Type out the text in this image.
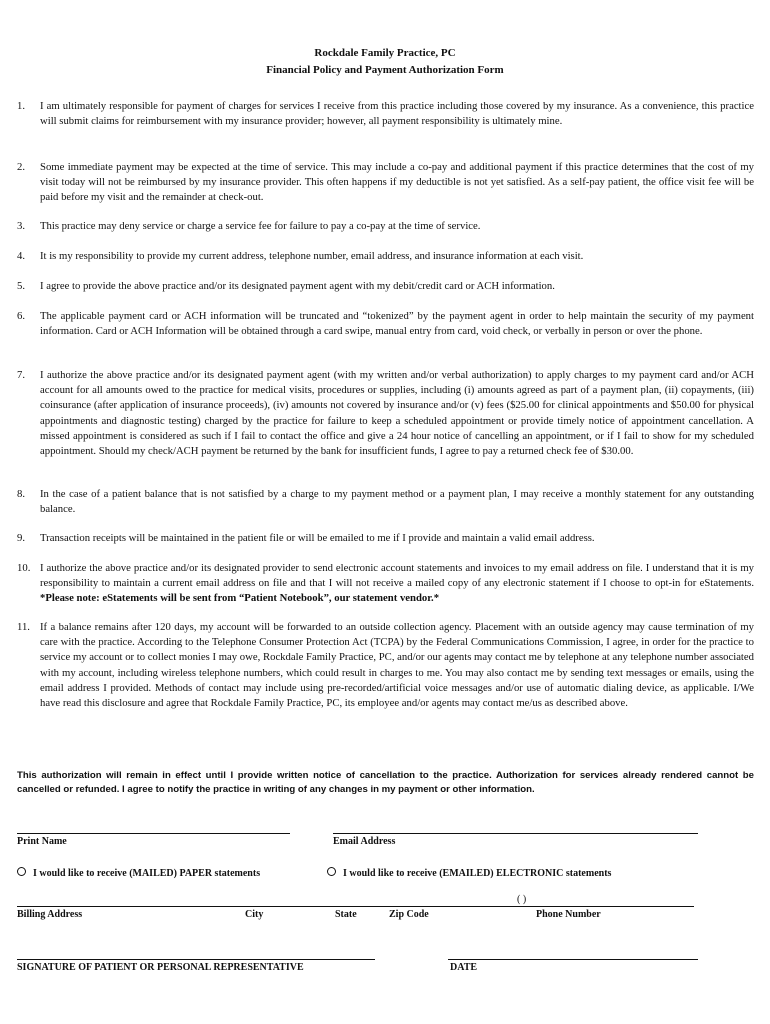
Rockdale Family Practice, PC
Financial Policy and Payment Authorization Form
1.	I am ultimately responsible for payment of charges for services I receive from this practice including those covered by my insurance. As a convenience, this practice will submit claims for reimbursement with my insurance provider; however, all payment responsibility is ultimately mine.
2.	Some immediate payment may be expected at the time of service. This may include a co-pay and additional payment if this practice determines that the cost of my visit today will not be reimbursed by my insurance provider. This often happens if my deductible is not yet satisfied. As a self-pay patient, the office visit fee will be paid before my visit and the remainder at check-out.
3.	This practice may deny service or charge a service fee for failure to pay a co-pay at the time of service.
4.	It is my responsibility to provide my current address, telephone number, email address, and insurance information at each visit.
5.	I agree to provide the above practice and/or its designated payment agent with my debit/credit card or ACH information.
6.	The applicable payment card or ACH information will be truncated and “tokenized” by the payment agent in order to help maintain the security of my payment information. Card or ACH Information will be obtained through a card swipe, manual entry from card, void check, or verbally in person or over the phone.
7.	I authorize the above practice and/or its designated payment agent (with my written and/or verbal authorization) to apply charges to my payment card and/or ACH account for all amounts owed to the practice for medical visits, procedures or supplies, including (i) amounts agreed as part of a payment plan, (ii) copayments, (iii) coinsurance (after application of insurance proceeds), (iv) amounts not covered by insurance and/or (v) fees ($25.00 for clinical appointments and $50.00 for physical appointments and diagnostic testing) charged by the practice for failure to keep a scheduled appointment or provide timely notice of appointment cancellation. A missed appointment is considered as such if I fail to contact the office and give a 24 hour notice of cancelling an appointment, or if I fail to show for my scheduled appointment. Should my check/ACH payment be returned by the bank for insufficient funds, I agree to pay a returned check fee of $30.00.
8.	In the case of a patient balance that is not satisfied by a charge to my payment method or a payment plan, I may receive a monthly statement for any outstanding balance.
9.	Transaction receipts will be maintained in the patient file or will be emailed to me if I provide and maintain a valid email address.
10. I authorize the above practice and/or its designated provider to send electronic account statements and invoices to my email address on file. I understand that it is my responsibility to maintain a current email address on file and that I will not receive a mailed copy of any electronic statement if I choose to opt-in for eStatements. *Please note: eStatements will be sent from “Patient Notebook”, our statement vendor.*
11. If a balance remains after 120 days, my account will be forwarded to an outside collection agency. Placement with an outside agency may cause termination of my care with the practice. According to the Telephone Consumer Protection Act (TCPA) by the Federal Communications Commission, I agree, in order for the practice to service my account or to collect monies I may owe, Rockdale Family Practice, PC, and/or our agents may contact me by telephone at any telephone number associated with my account, including wireless telephone numbers, which could result in charges to me. You may also contact me by sending text messages or emails, using the email address I provided. Methods of contact may include using pre-recorded/artificial voice messages and/or use of automatic dialing device, as applicable. I/We have read this disclosure and agree that Rockdale Family Practice, PC, its employee and/or agents may contact me/us as described above.
This authorization will remain in effect until I provide written notice of cancellation to the practice. Authorization for services already rendered cannot be cancelled or refunded. I agree to notify the practice in writing of any changes in my payment or other information.
Print Name	Email Address
I would like to receive (MAILED) PAPER statements	I would like to receive (EMAILED) ELECTRONIC statements
( )
Billing Address	City	State	Zip Code	Phone Number
SIGNATURE OF PATIENT OR PERSONAL REPRESENTATIVE	DATE
